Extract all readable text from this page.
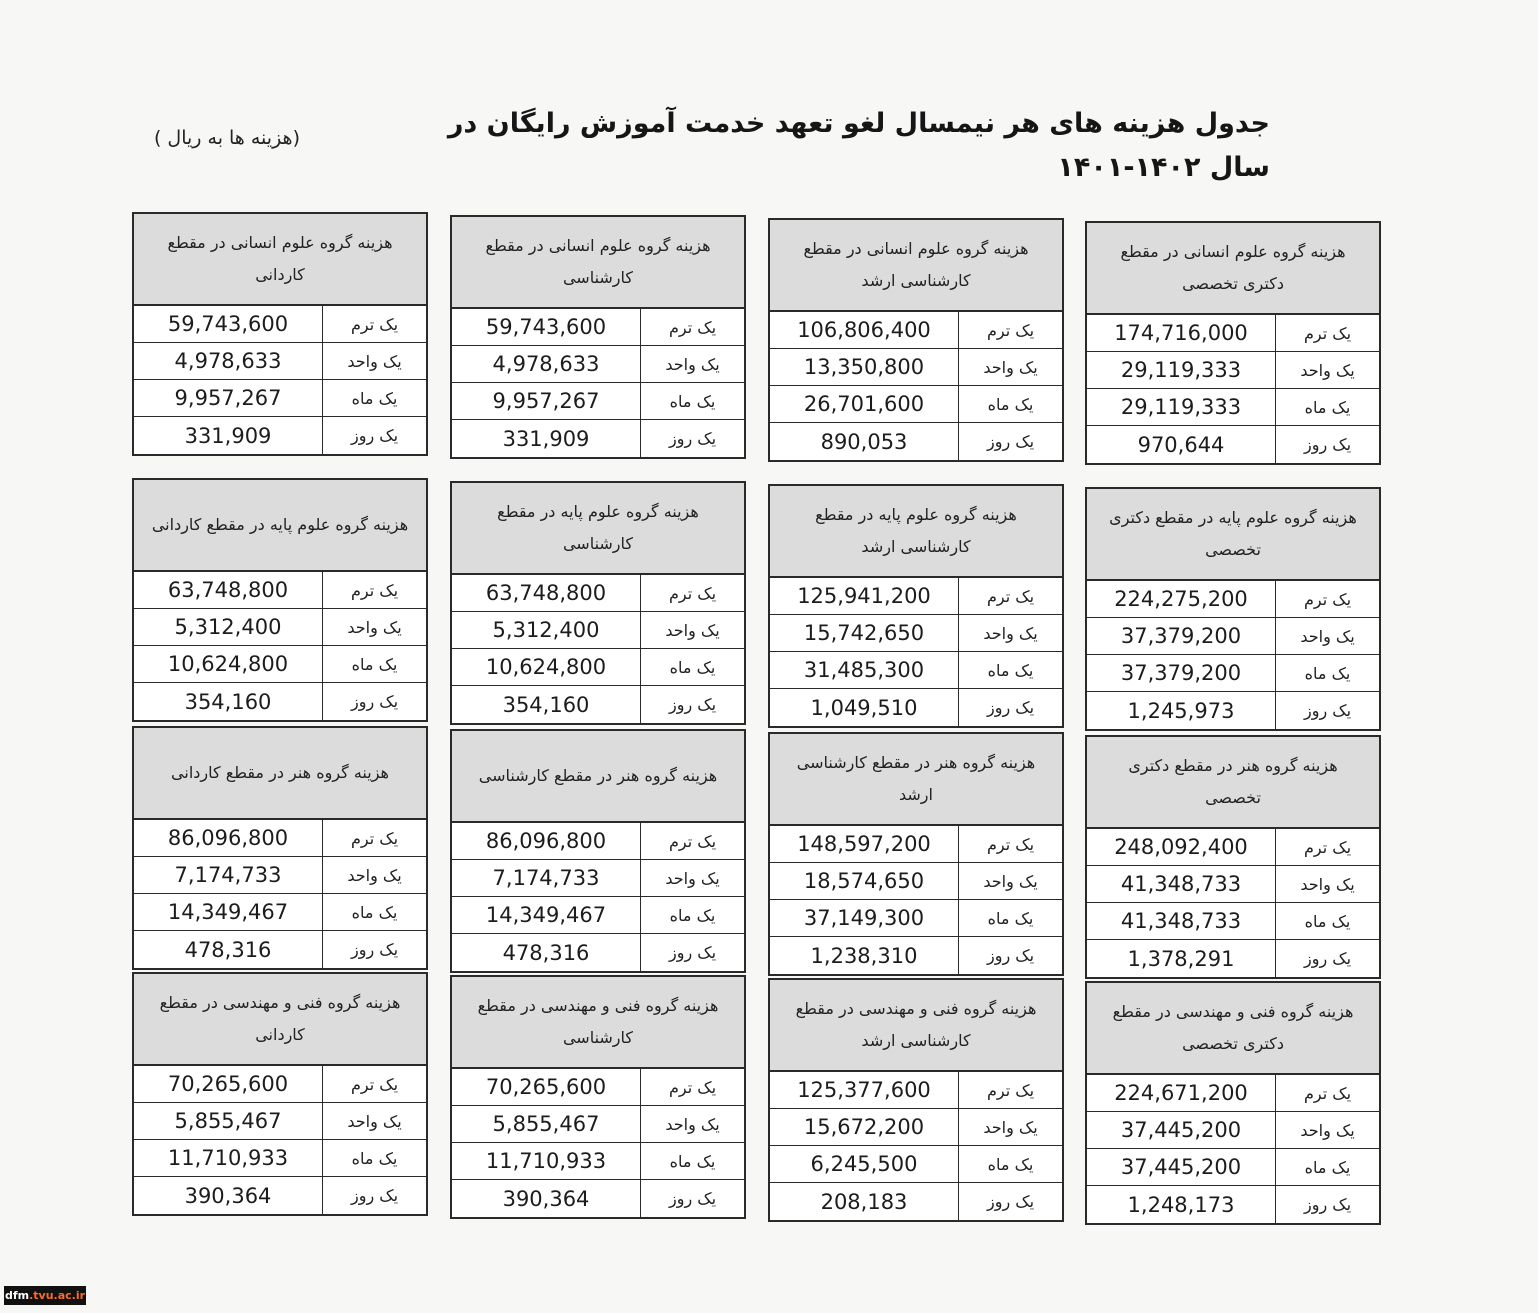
جدول هزینه های هر نیمسال لغو تعهد خدمت آموزش رایگان در سال ۱۴۰۲-۱۴۰۱
(هزینه ها به ریال )
هزینه گروه علوم انسانی در مقطع دکتری تخصصی
یک ترم
174,716,000
یک واحد
29,119,333
یک ماه
29,119,333
یک روز
970,644
هزینه گروه علوم انسانی در مقطع کارشناسی ارشد
یک ترم
106,806,400
یک واحد
13,350,800
یک ماه
26,701,600
یک روز
890,053
هزینه گروه علوم انسانی در مقطع کارشناسی
یک ترم
59,743,600
یک واحد
4,978,633
یک ماه
9,957,267
یک روز
331,909
هزینه گروه علوم انسانی در مقطع کاردانی
یک ترم
59,743,600
یک واحد
4,978,633
یک ماه
9,957,267
یک روز
331,909
هزینه گروه علوم پایه در مقطع دکتری تخصصی
یک ترم
224,275,200
یک واحد
37,379,200
یک ماه
37,379,200
یک روز
1,245,973
هزینه گروه علوم پایه در مقطع کارشناسی ارشد
یک ترم
125,941,200
یک واحد
15,742,650
یک ماه
31,485,300
یک روز
1,049,510
هزینه گروه علوم پایه در مقطع کارشناسی
یک ترم
63,748,800
یک واحد
5,312,400
یک ماه
10,624,800
یک روز
354,160
هزینه گروه علوم پایه در مقطع کاردانی
یک ترم
63,748,800
یک واحد
5,312,400
یک ماه
10,624,800
یک روز
354,160
هزینه گروه هنر در مقطع دکتری تخصصی
یک ترم
248,092,400
یک واحد
41,348,733
یک ماه
41,348,733
یک روز
1,378,291
هزینه گروه هنر در مقطع کارشناسی ارشد
یک ترم
148,597,200
یک واحد
18,574,650
یک ماه
37,149,300
یک روز
1,238,310
هزینه گروه هنر در مقطع کارشناسی
یک ترم
86,096,800
یک واحد
7,174,733
یک ماه
14,349,467
یک روز
478,316
هزینه گروه هنر در مقطع کاردانی
یک ترم
86,096,800
یک واحد
7,174,733
یک ماه
14,349,467
یک روز
478,316
هزینه گروه فنی و مهندسی در مقطع دکتری تخصصی
یک ترم
224,671,200
یک واحد
37,445,200
یک ماه
37,445,200
یک روز
1,248,173
هزینه گروه فنی و مهندسی در مقطع کارشناسی ارشد
یک ترم
125,377,600
یک واحد
15,672,200
یک ماه
6,245,500
یک روز
208,183
هزینه گروه فنی و مهندسی در مقطع کارشناسی
یک ترم
70,265,600
یک واحد
5,855,467
یک ماه
11,710,933
یک روز
390,364
هزینه گروه فنی و مهندسی در مقطع کاردانی
یک ترم
70,265,600
یک واحد
5,855,467
یک ماه
11,710,933
یک روز
390,364
dfm .tvu.ac.ir
